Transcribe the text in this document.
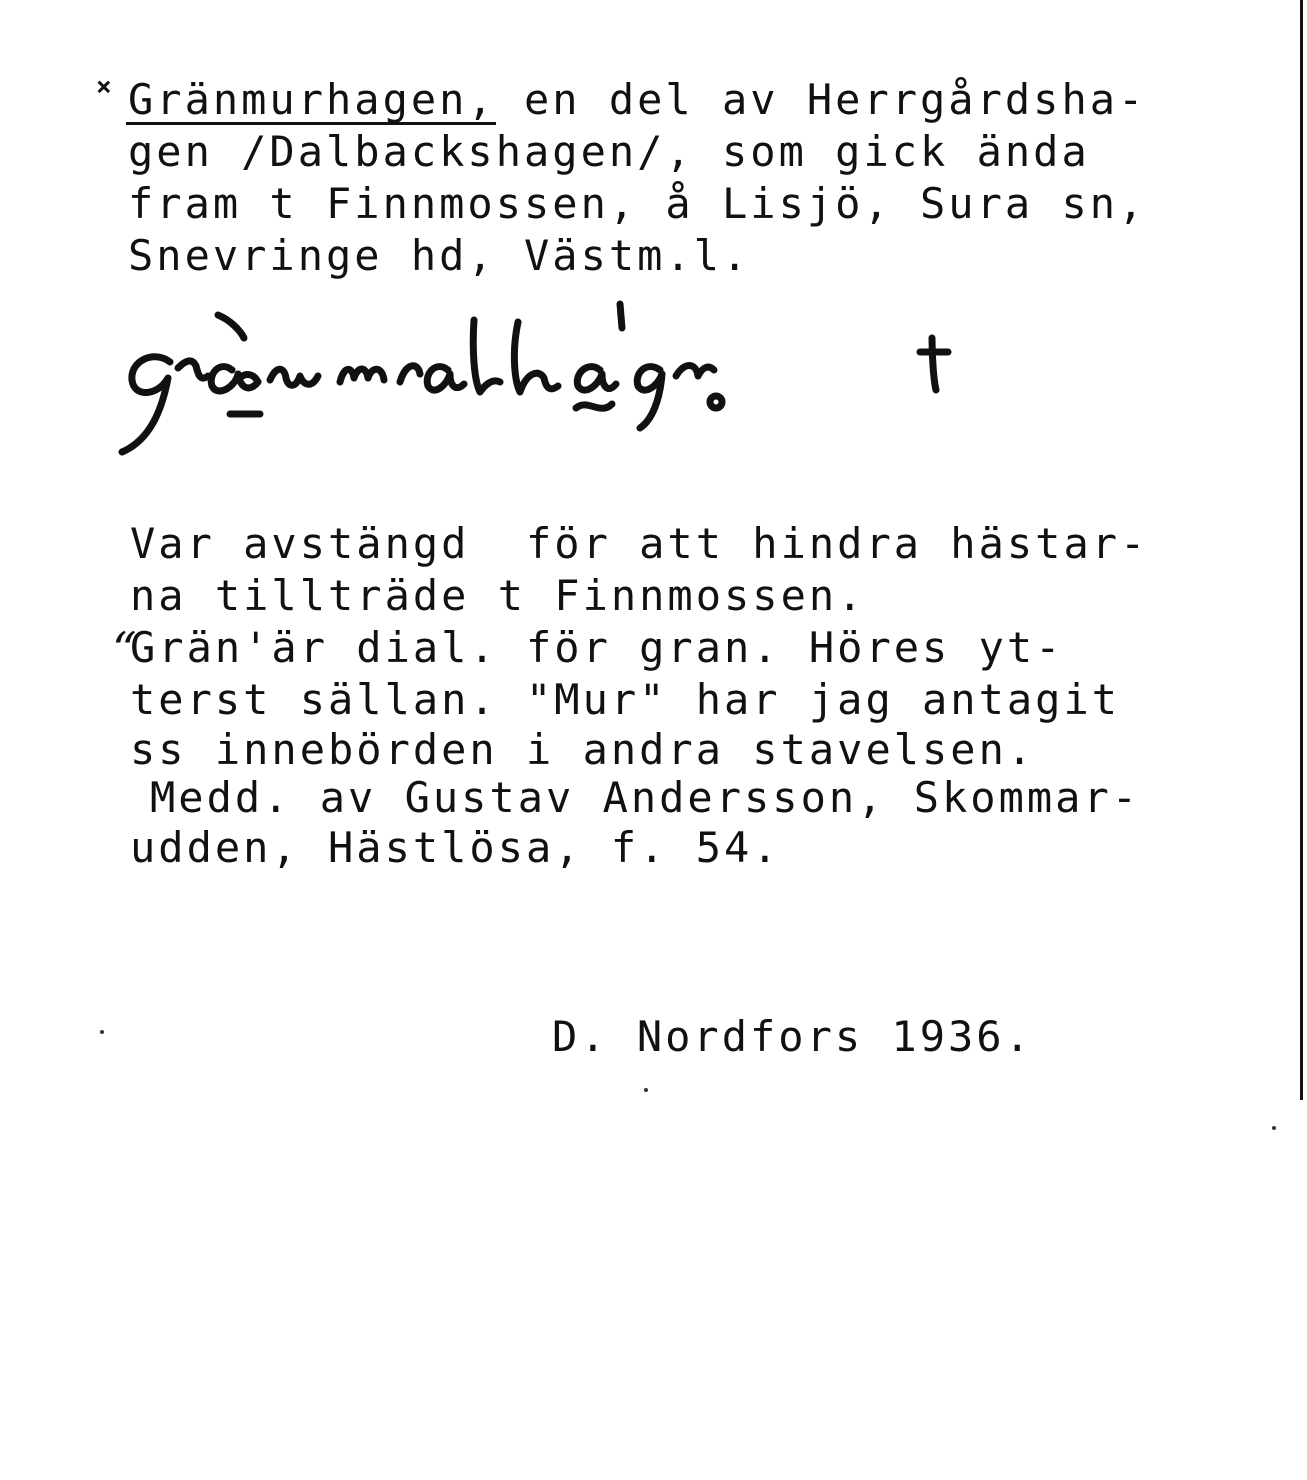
× Gränmurhagen, en del av Herrgårdsha-

gen /Dalbackshagen/, som gick ända

fram t Finnmossen, å Lisjö, Sura sn,

Snevringe hd, Västm.l.

Var avstängd  för att hindra hästar-

na tillträde t Finnmossen.

“

Grän'är dial. för gran. Höres yt-

terst sällan. "Mur" har jag antagit

ss innebörden i andra stavelsen.

Medd. av Gustav Andersson, Skommar-

udden, Hästlösa, f. 54.

D. Nordfors 1936.
